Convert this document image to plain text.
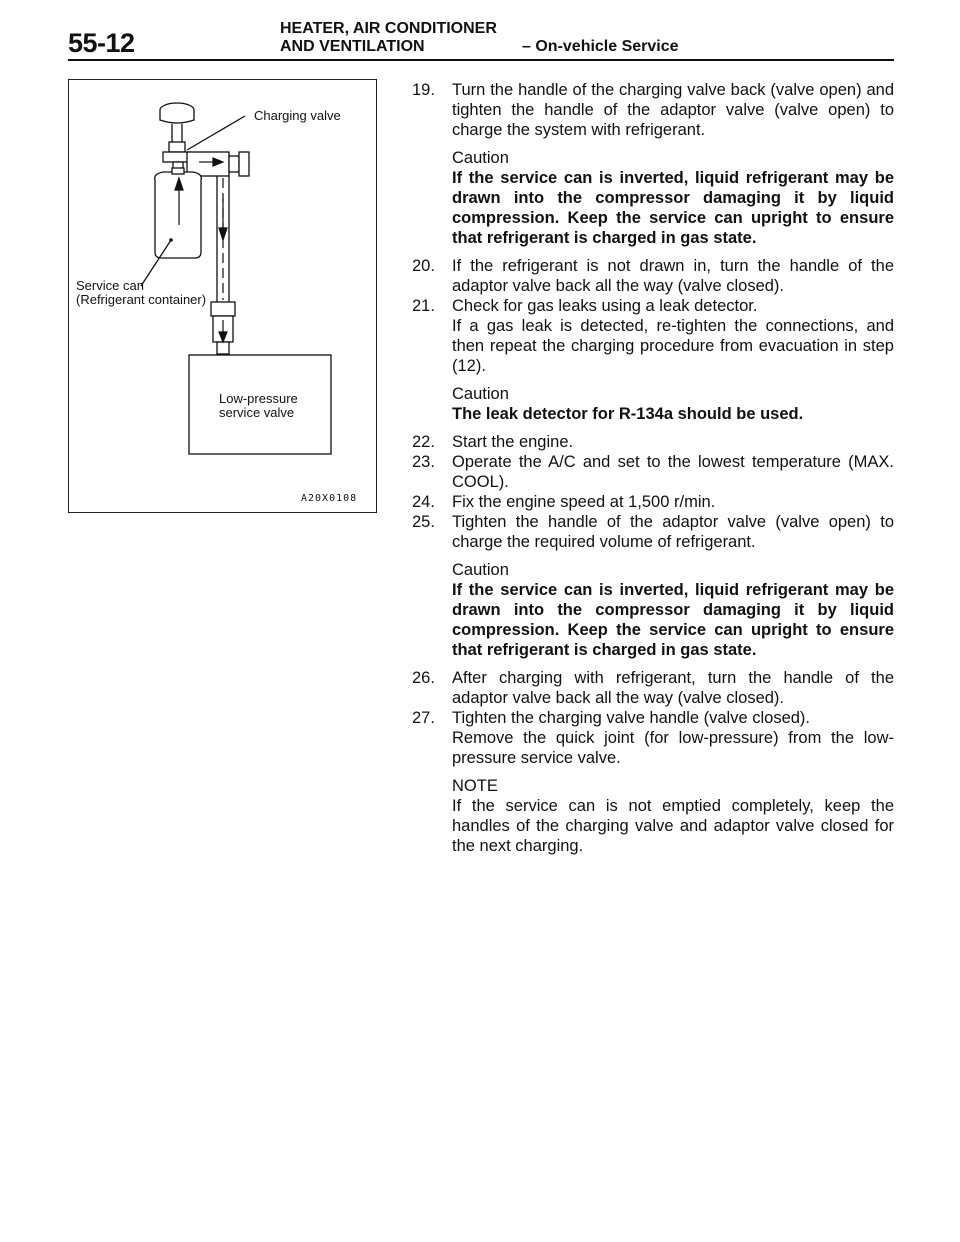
55-12	HEATER, AIR CONDITIONER
AND VENTILATION	– On-vehicle Service
Charging valve
Service can
(Refrigerant container)
Low-pressure
service valve
A20X0108
19. Turn the handle of the charging valve back (valve open) and tighten the handle of the adaptor valve (valve open) to charge the system with refrigerant.

Caution

If the service can is inverted, liquid refrigerant may be drawn into the compressor damaging it by liquid compression. Keep the service can upright to ensure that refrigerant is charged in gas state.

20. If the refrigerant is not drawn in, turn the handle of the adaptor valve back all the way (valve closed).
21. Check for gas leaks using a leak detector.
If a gas leak is detected, re-tighten the connections, and then repeat the charging procedure from evacuation in step (12).

Caution

The leak detector for R-134a should be used.

22. Start the engine.
23. Operate the A/C and set to the lowest temperature (MAX. COOL).
24. Fix the engine speed at 1,500 r/min.
25. Tighten the handle of the adaptor valve (valve open) to charge the required volume of refrigerant.

Caution

If the service can is inverted, liquid refrigerant may be drawn into the compressor damaging it by liquid compression. Keep the service can upright to ensure that refrigerant is charged in gas state.

26. After charging with refrigerant, turn the handle of the adaptor valve back all the way (valve closed).
27. Tighten the charging valve handle (valve closed).
Remove the quick joint (for low-pressure) from the low-pressure service valve.

NOTE

If the service can is not emptied completely, keep the handles of the charging valve and adaptor valve closed for the next charging.
